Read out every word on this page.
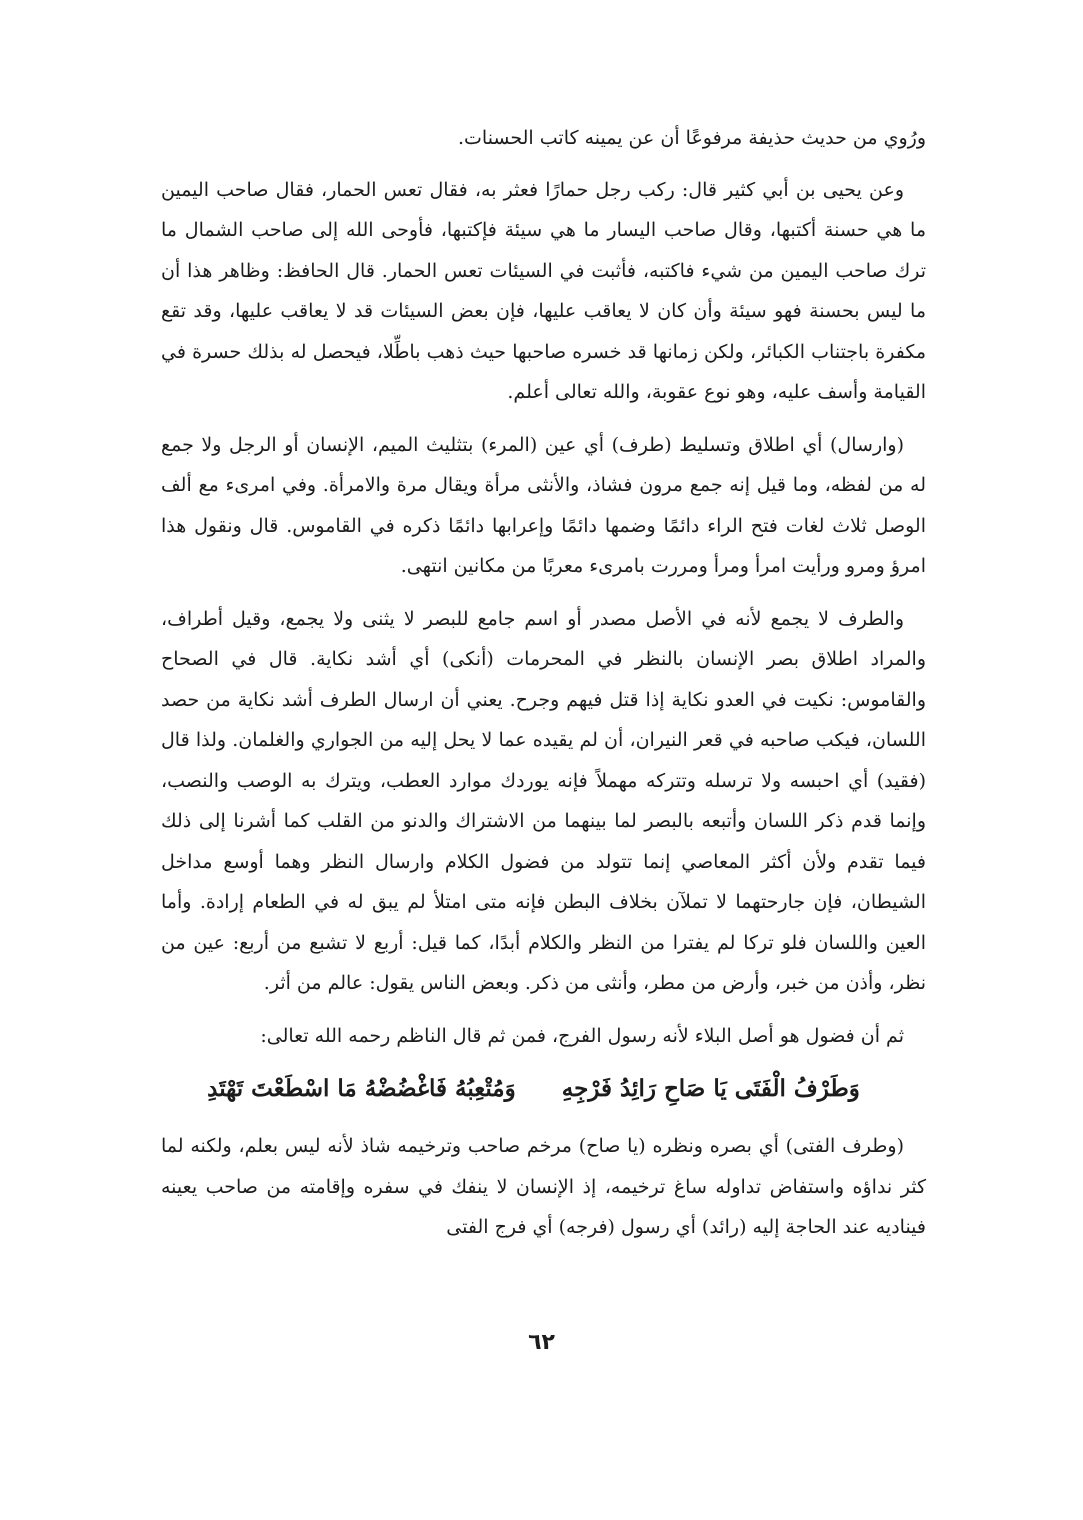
ورُوي من حديث حذيفة مرفوعًا أن عن يمينه كاتب الحسنات.

وعن يحيى بن أبي كثير قال: ركب رجل حمارًا فعثر به، فقال تعس الحمار، فقال صاحب اليمين ما هي حسنة أكتبها، وقال صاحب اليسار ما هي سيئة فإكتبها، فأوحى الله إلى صاحب الشمال ما ترك صاحب اليمين من شيء فاكتبه، فأثبت في السيئات تعس الحمار. قال الحافظ: وظاهر هذا أن ما ليس بحسنة فهو سيئة وأن كان لا يعاقب عليها، فإن بعض السيئات قد لا يعاقب عليها، وقد تقع مكفرة باجتناب الكبائر، ولكن زمانها قد خسره صاحبها حيث ذهب باطِّلا، فيحصل له بذلك حسرة في القيامة وأسف عليه، وهو نوع عقوبة، والله تعالى أعلم.

(وارسال) أي اطلاق وتسليط (طرف) أي عين (المرء) بتثليث الميم، الإنسان أو الرجل ولا جمع له من لفظه، وما قيل إنه جمع مرون فشاذ، والأنثى مرأة ويقال مرة والامرأة. وفي امرىء مع ألف الوصل ثلاث لغات فتح الراء دائمًا وضمها دائمًا وإعرابها دائمًا ذكره في القاموس. قال ونقول هذا امرؤ ومرو ورأيت امرأ ومرأ ومررت بامرىء معربًا من مكانين انتهى.

والطرف لا يجمع لأنه في الأصل مصدر أو اسم جامع للبصر لا يثنى ولا يجمع، وقيل أطراف، والمراد اطلاق بصر الإنسان بالنظر في المحرمات (أنكى) أي أشد نكاية. قال في الصحاح والقاموس: نكيت في العدو نكاية إذا قتل فيهم وجرح. يعني أن ارسال الطرف أشد نكاية من حصد اللسان، فيكب صاحبه في قعر النيران، أن لم يقيده عما لا يحل إليه من الجواري والغلمان. ولذا قال (فقيد) أي احبسه ولا ترسله وتتركه مهملاً فإنه يوردك موارد العطب، ويترك به الوصب والنصب، وإنما قدم ذكر اللسان وأتبعه بالبصر لما بينهما من الاشتراك والدنو من القلب كما أشرنا إلى ذلك فيما تقدم ولأن أكثر المعاصي إنما تتولد من فضول الكلام وارسال النظر وهما أوسع مداخل الشيطان، فإن جارحتهما لا تملآن بخلاف البطن فإنه متى امتلأ لم يبق له في الطعام إرادة. وأما العين واللسان فلو تركا لم يفترا من النظر والكلام أبدًا، كما قيل: أربع لا تشبع من أربع: عين من نظر، وأذن من خبر، وأرض من مطر، وأنثى من ذكر. وبعض الناس يقول: عالم من أثر.

ثم أن فضول هو أصل البلاء لأنه رسول الفرج، فمن ثم قال الناظم رحمه الله تعالى:

وَطَرْفُ الْفَتَى يَا صَاحِ رَائِدُ فَرْجِهِ
وَمُتْعِبُهُ فَاغْضُضْهُ مَا اسْطَعْتَ تَهْتَدِ

(وطرف الفتى) أي بصره ونظره (يا صاح) مرخم صاحب وترخيمه شاذ لأنه ليس بعلم، ولكنه لما كثر نداؤه واستفاض تداوله ساغ ترخيمه، إذ الإنسان لا ينفك في سفره وإقامته من صاحب يعينه فيناديه عند الحاجة إليه (رائد) أي رسول (فرجه) أي فرج الفتى

٦٢
